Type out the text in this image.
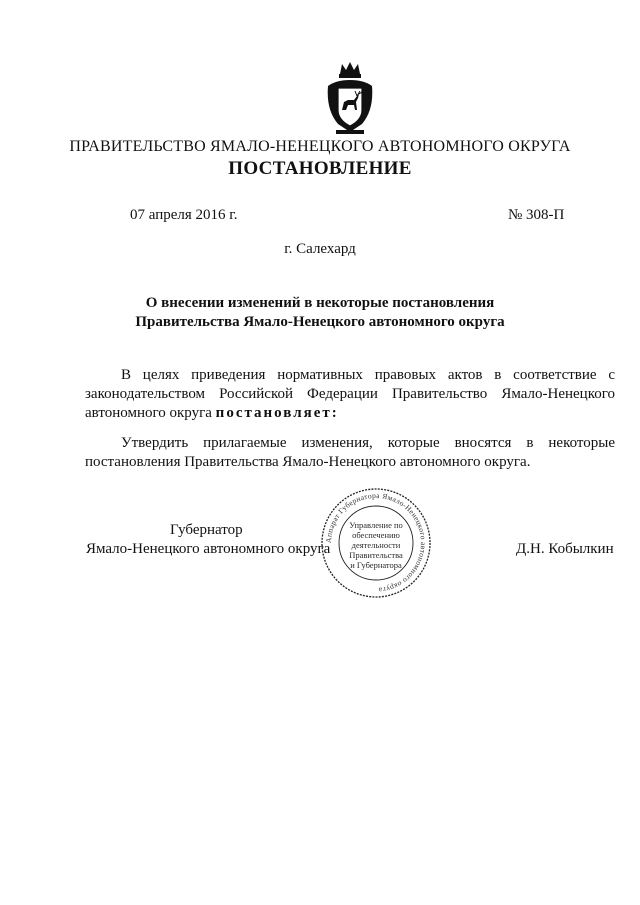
ПРАВИТЕЛЬСТВО ЯМАЛО-НЕНЕЦКОГО АВТОНОМНОГО ОКРУГА
ПОСТАНОВЛЕНИЕ
07 апреля 2016 г.	№ 308-П
г. Салехард
О внесении изменений в некоторые постановления
Правительства Ямало-Ненецкого автономного округа
В целях приведения нормативных правовых актов в соответствие с законодательством Российской Федерации Правительство Ямало-Ненецкого автономного округа постановляет:
Утвердить прилагаемые изменения, которые вносятся в некоторые постановления Правительства Ямало-Ненецкого автономного округа.
Губернатор
Ямало-Ненецкого автономного округа	Д.Н. Кобылкин
Аппарат Губернатора Ямало-Ненецкого автономного округа
Управление по
обеспечению
деятельности
Правительства
и Губернатора
